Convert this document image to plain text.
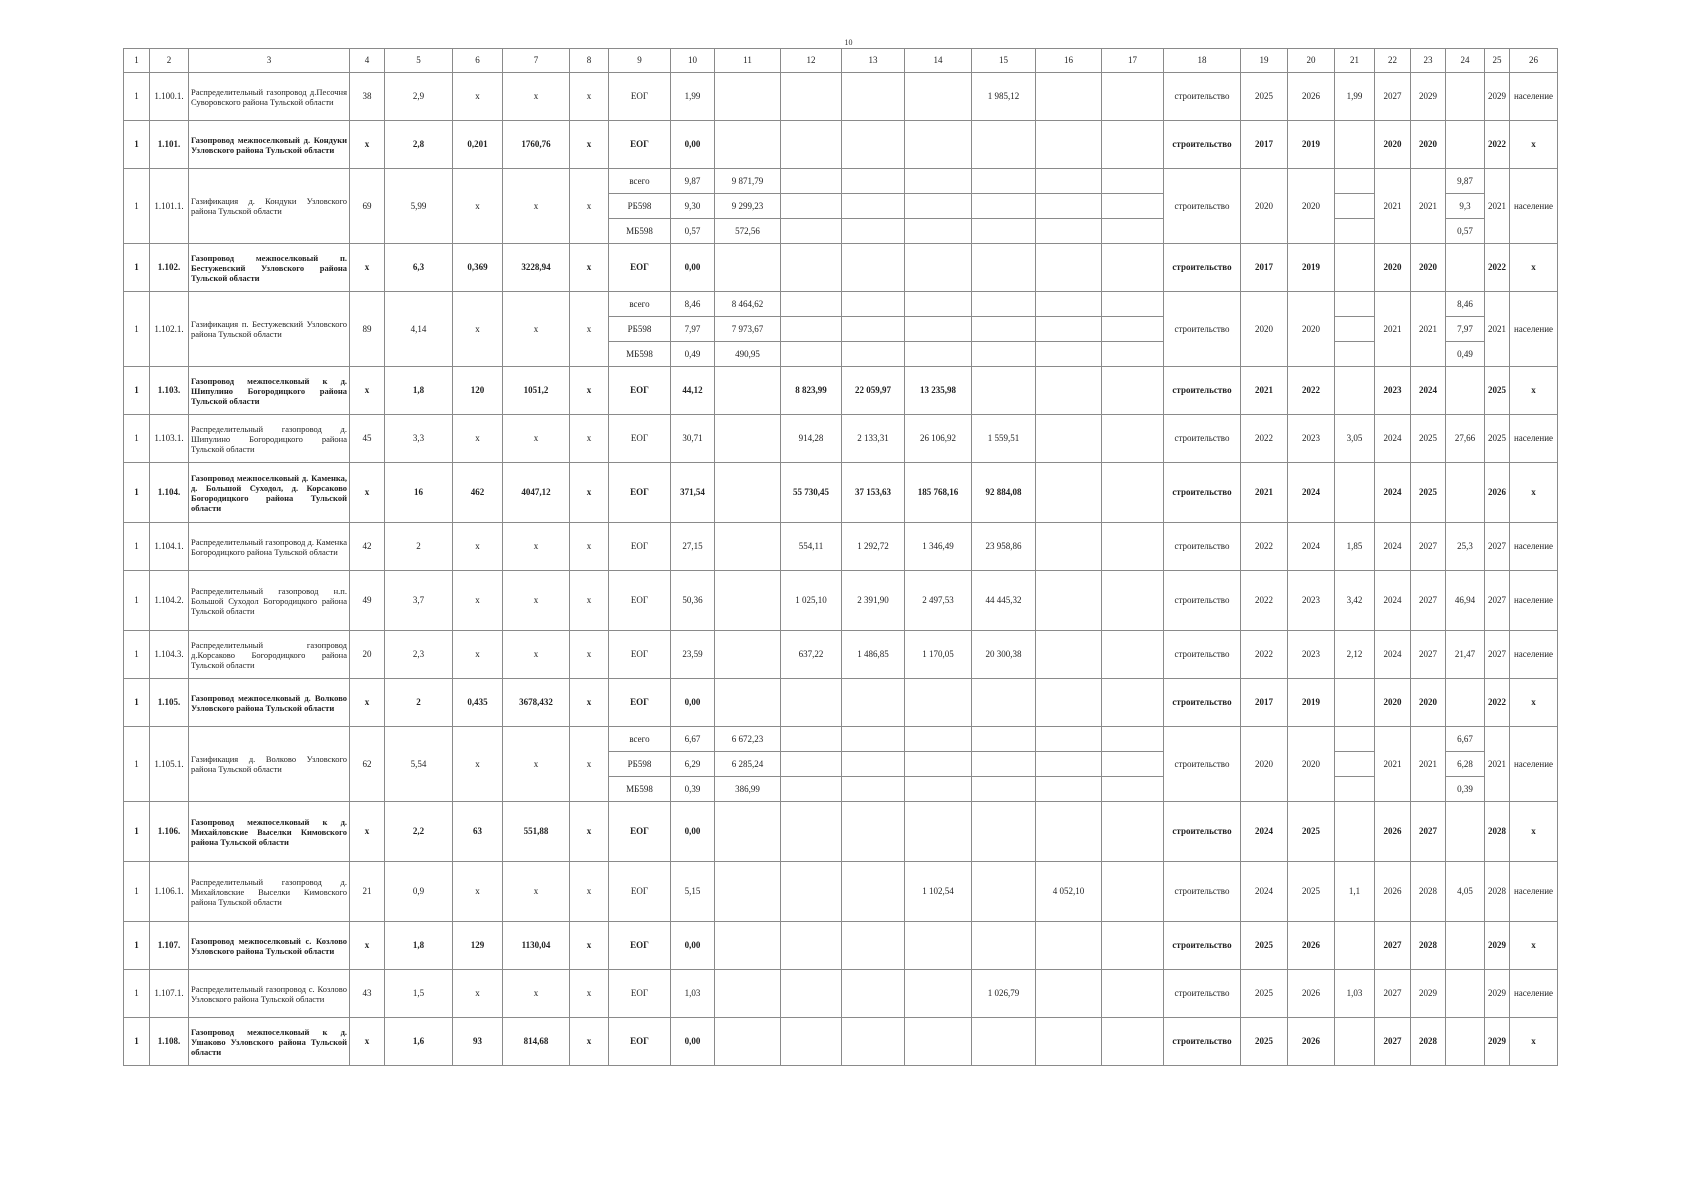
10
1	2	3	4	5	6	7	8	9	10	11	12	13	14	15	16	17	18	19	20	21	22	23	24	25	26
1	1.100.1.	Распределительный газопровод д.Песочня Суворовского района Тульской области	38	2,9	х	х	х	ЕОГ	1,99					1 985,12			строительство	2025	2026	1,99	2027	2029		2029	население
1	1.101.	Газопровод межпоселковый д. Кондуки Узловского района Тульской области	х	2,8	0,201	1760,76	х	ЕОГ	0,00								строительство	2017	2019		2020	2020		2022	х
1	1.101.1.	Газификация д. Кондуки Узловского района Тульской области	69	5,99	х	х	х	всего	9,87	9 871,79							строительство	2020	2020		2021	2021	9,87	2021	население
								РБ598	9,30	9 299,23													9,3		
								МБ598	0,57	572,56													0,57		
1	1.102.	Газопровод межпоселковый п. Бестужевский Узловского района Тульской области	х	6,3	0,369	3228,94	х	ЕОГ	0,00								строительство	2017	2019		2020	2020		2022	х
1	1.102.1.	Газификация п. Бестужевский Узловского района Тульской области	89	4,14	х	х	х	всего	8,46	8 464,62							строительство	2020	2020		2021	2021	8,46	2021	население
								РБ598	7,97	7 973,67													7,97		
								МБ598	0,49	490,95													0,49		
1	1.103.	Газопровод межпоселковый к д. Шипулино Богородицкого района Тульской области	х	1,8	120	1051,2	х	ЕОГ	44,12		8 823,99	22 059,97	13 235,98				строительство	2021	2022		2023	2024		2025	х
1	1.103.1.	Распределительный газопровод д. Шипулино Богородицкого района Тульской области	45	3,3	х	х	х	ЕОГ	30,71		914,28	2 133,31	26 106,92	1 559,51			строительство	2022	2023	3,05	2024	2025	27,66	2025	население
1	1.104.	Газопровод межпоселковый д. Каменка, д. Большой Суходол, д. Корсаково Богородицкого района Тульской области	х	16	462	4047,12	х	ЕОГ	371,54		55 730,45	37 153,63	185 768,16	92 884,08			строительство	2021	2024		2024	2025		2026	х
1	1.104.1.	Распределительный газопровод д. Каменка Богородицкого района Тульской области	42	2	х	х	х	ЕОГ	27,15		554,11	1 292,72	1 346,49	23 958,86			строительство	2022	2024	1,85	2024	2027	25,3	2027	население
1	1.104.2.	Распределительный газопровод н.п. Большой Суходол Богородицкого района Тульской области	49	3,7	х	х	х	ЕОГ	50,36		1 025,10	2 391,90	2 497,53	44 445,32			строительство	2022	2023	3,42	2024	2027	46,94	2027	население
1	1.104.3.	Распределительный газопровод д.Корсаково Богородицкого района Тульской области	20	2,3	х	х	х	ЕОГ	23,59		637,22	1 486,85	1 170,05	20 300,38			строительство	2022	2023	2,12	2024	2027	21,47	2027	население
1	1.105.	Газопровод межпоселковый д. Волково Узловского района Тульской области	х	2	0,435	3678,432	х	ЕОГ	0,00								строительство	2017	2019		2020	2020		2022	х
1	1.105.1.	Газификация д. Волково Узловского района Тульской области	62	5,54	х	х	х	всего	6,67	6 672,23							строительство	2020	2020		2021	2021	6,67	2021	население
								РБ598	6,29	6 285,24													6,28		
								МБ598	0,39	386,99													0,39		
1	1.106.	Газопровод межпоселковый к д. Михайловские Выселки Кимовского района Тульской области	х	2,2	63	551,88	х	ЕОГ	0,00								строительство	2024	2025		2026	2027		2028	х
1	1.106.1.	Распределительный газопровод д. Михайловские Выселки Кимовского района Тульской области	21	0,9	х	х	х	ЕОГ	5,15				1 102,54		4 052,10		строительство	2024	2025	1,1	2026	2028	4,05	2028	население
1	1.107.	Газопровод межпоселковый с. Козлово Узловского района Тульской области	х	1,8	129	1130,04	х	ЕОГ	0,00								строительство	2025	2026		2027	2028		2029	х
1	1.107.1.	Распределительный газопровод с. Козлово Узловского района Тульской области	43	1,5	х	х	х	ЕОГ	1,03					1 026,79			строительство	2025	2026	1,03	2027	2029		2029	население
1	1.108.	Газопровод межпоселковый к д. Ушаково Узловского района Тульской области	х	1,6	93	814,68	х	ЕОГ	0,00								строительство	2025	2026		2027	2028		2029	х
